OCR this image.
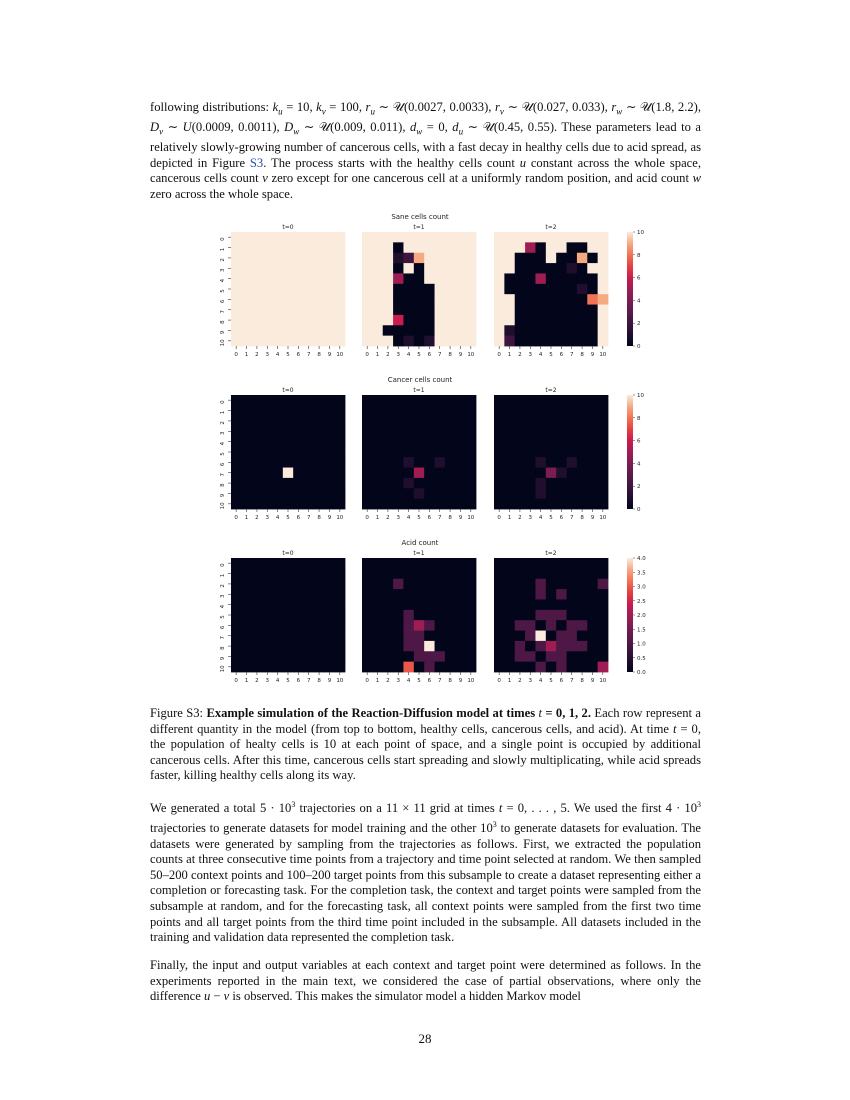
following distributions: $k_u = 10$, $k_v = 100$, $r_u$ ∼ 𝒰(0.0027, 0.0033), $r_v$ ∼ 𝒰(0.027, 0.033), $r_w$ ∼ 𝒰(1.8, 2.2), $D_v$ ∼ U(0.0009, 0.0011), $D_w$ ∼ 𝒰(0.009, 0.011), $d_w = 0$, $d_u$ ∼ 𝒰(0.45, 0.55). These parameters lead to a relatively slowly-growing number of cancerous cells, with a fast decay in healthy cells due to acid spread, as depicted in Figure S3. The process starts with the healthy cells count u constant across the whole space, cancerous cells count v zero except for one cancerous cell at a uniformly random position, and acid count w zero across the whole space.

Sane cells count
t=0
0 1 2 3 4 5 6 7 8 9 10
0
1
2
3
4
5
6
7
8
9
10
t=1
0 1 2 3 4 5 6 7 8 9 10
t=2
0 1 2 3 4 5 6 7 8 9 10
0
2
4
6
8
10
Cancer cells count
t=0
0 1 2 3 4 5 6 7 8 9 10
0
1
2
3
4
5
6
7
8
9
10
t=1
0 1 2 3 4 5 6 7 8 9 10
t=2
0 1 2 3 4 5 6 7 8 9 10
0
2
4
6
8
10
Acid count
t=0
0 1 2 3 4 5 6 7 8 9 10
0
1
2
3
4
5
6
7
8
9
10
t=1
0 1 2 3 4 5 6 7 8 9 10
t=2
0 1 2 3 4 5 6 7 8 9 10
0.0
0.5
1.0
1.5
2.0
2.5
3.0
3.5
4.0

Figure S3: Example simulation of the Reaction-Diffusion model at times t = 0, 1, 2. Each row represent a different quantity in the model (from top to bottom, healthy cells, cancerous cells, and acid). At time t = 0, the population of healty cells is 10 at each point of space, and a single point is occupied by additional cancerous cells. After this time, cancerous cells start spreading and slowly multiplicating, while acid spreads faster, killing healthy cells along its way.

We generated a total $5 \cdot 10^3$ trajectories on a 11 × 11 grid at times t = 0, . . . , 5. We used the first $4 \cdot 10^3$ trajectories to generate datasets for model training and the other $10^3$ to generate datasets for evaluation. The datasets were generated by sampling from the trajectories as follows. First, we extracted the population counts at three consecutive time points from a trajectory and time point selected at random. We then sampled 50–200 context points and 100–200 target points from this subsample to create a dataset representing either a completion or forecasting task. For the completion task, the context and target points were sampled from the subsample at random, and for the forecasting task, all context points were sampled from the first two time points and all target points from the third time point included in the subsample. All datasets included in the training and validation data represented the completion task.

Finally, the input and output variables at each context and target point were determined as follows. In the experiments reported in the main text, we considered the case of partial observations, where only the difference u − v is observed. This makes the simulator model a hidden Markov model

28
